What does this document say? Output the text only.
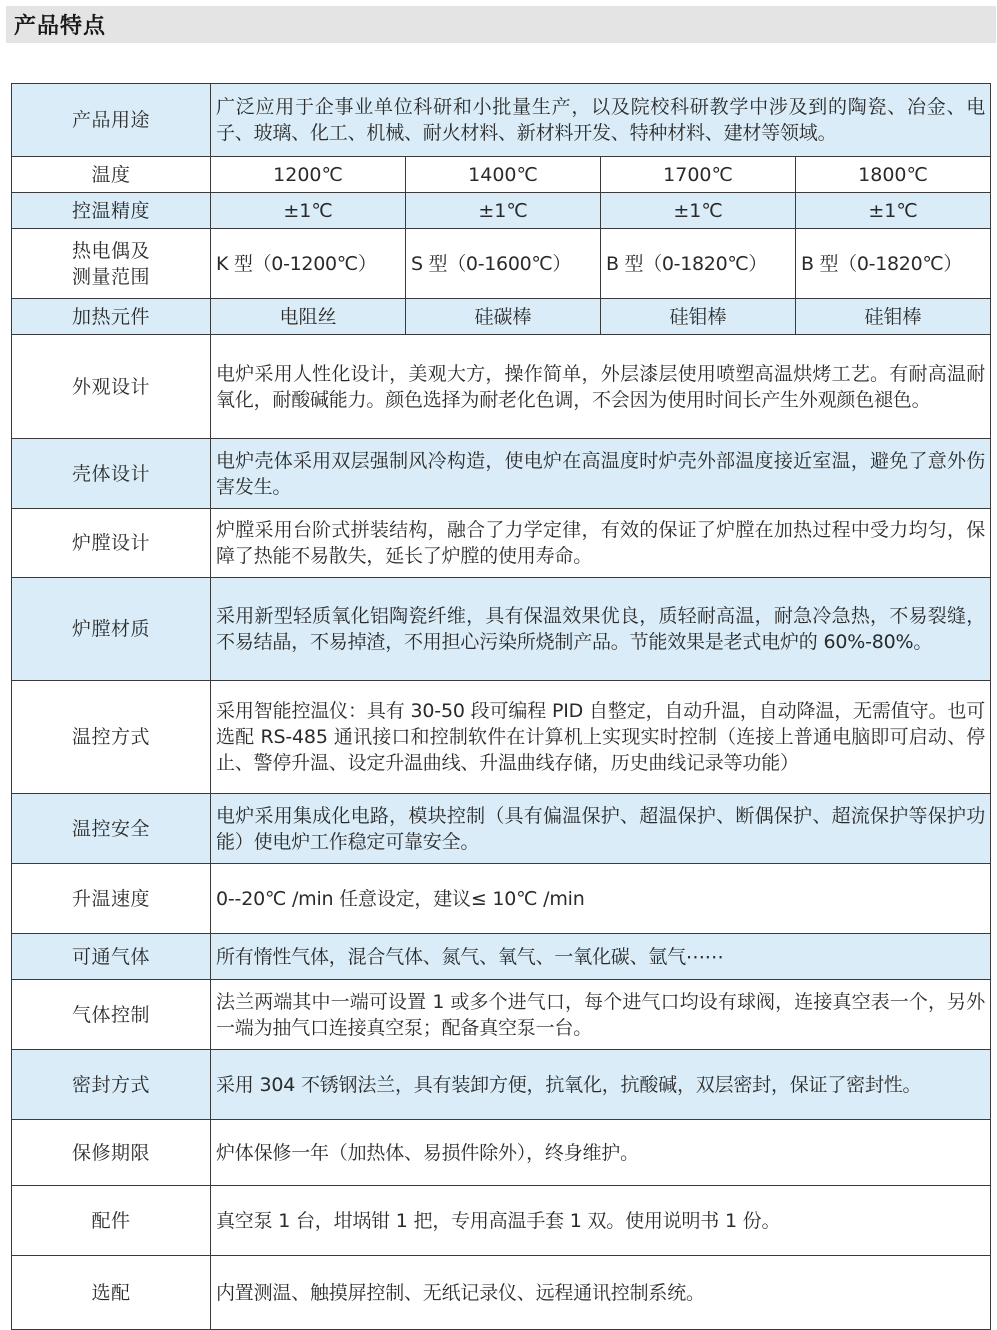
产品特点
产品用途	广泛应用于企事业单位科研和小批量生产，以及院校科研教学中涉及到的陶瓷、冶金、电子、玻璃、化工、机械、耐火材料、新材料开发、特种材料、建材等领域。			
温度	1200℃	1400℃	1700℃	1800℃
控温精度	±1℃	±1℃	±1℃	±1℃

热电偶及
测量范围	K 型（0-1200℃）	S 型（0-1600℃）	B 型（0-1820℃）	B 型（0-1820℃）
加热元件	电阻丝	硅碳棒	硅钼棒	硅钼棒
外观设计	电炉采用人性化设计，美观大方，操作简单，外层漆层使用喷塑高温烘烤工艺。有耐高温耐氧化，耐酸碱能力。颜色选择为耐老化色调，不会因为使用时间长产生外观颜色褪色。			
壳体设计	电炉壳体采用双层强制风冷构造，使电炉在高温度时炉壳外部温度接近室温，避免了意外伤害发生。			
炉膛设计	炉膛采用台阶式拼装结构，融合了力学定律，有效的保证了炉膛在加热过程中受力均匀，保障了热能不易散失，延长了炉膛的使用寿命。			
炉膛材质	采用新型轻质氧化铝陶瓷纤维，具有保温效果优良，质轻耐高温，耐急冷急热，不易裂缝，不易结晶，不易掉渣，不用担心污染所烧制产品。节能效果是老式电炉的 60%-80%。			
温控方式	采用智能控温仪：具有 30-50 段可编程 PID 自整定，自动升温，自动降温，无需值守。也可选配 RS-485 通讯接口和控制软件在计算机上实现实时控制（连接上普通电脑即可启动、停止、警停升温、设定升温曲线、升温曲线存储，历史曲线记录等功能）			
温控安全	电炉采用集成化电路，模块控制（具有偏温保护、超温保护、断偶保护、超流保护等保护功能）使电炉工作稳定可靠安全。			
升温速度	0--20℃ /min 任意设定，建议≤ 10℃ /min			
可通气体	所有惰性气体，混合气体、氮气、氧气、一氧化碳、氩气⋯⋯			
气体控制	法兰两端其中一端可设置 1 或多个进气口，每个进气口均设有球阀，连接真空表一个，另外一端为抽气口连接真空泵；配备真空泵一台。			
密封方式	采用 304 不锈钢法兰，具有装卸方便，抗氧化，抗酸碱，双层密封，保证了密封性。			
保修期限	炉体保修一年（加热体、易损件除外），终身维护。			
配件	真空泵 1 台，坩埚钳 1 把，专用高温手套 1 双。使用说明书 1 份。			
选配	内置测温、触摸屏控制、无纸记录仪、远程通讯控制系统。			
